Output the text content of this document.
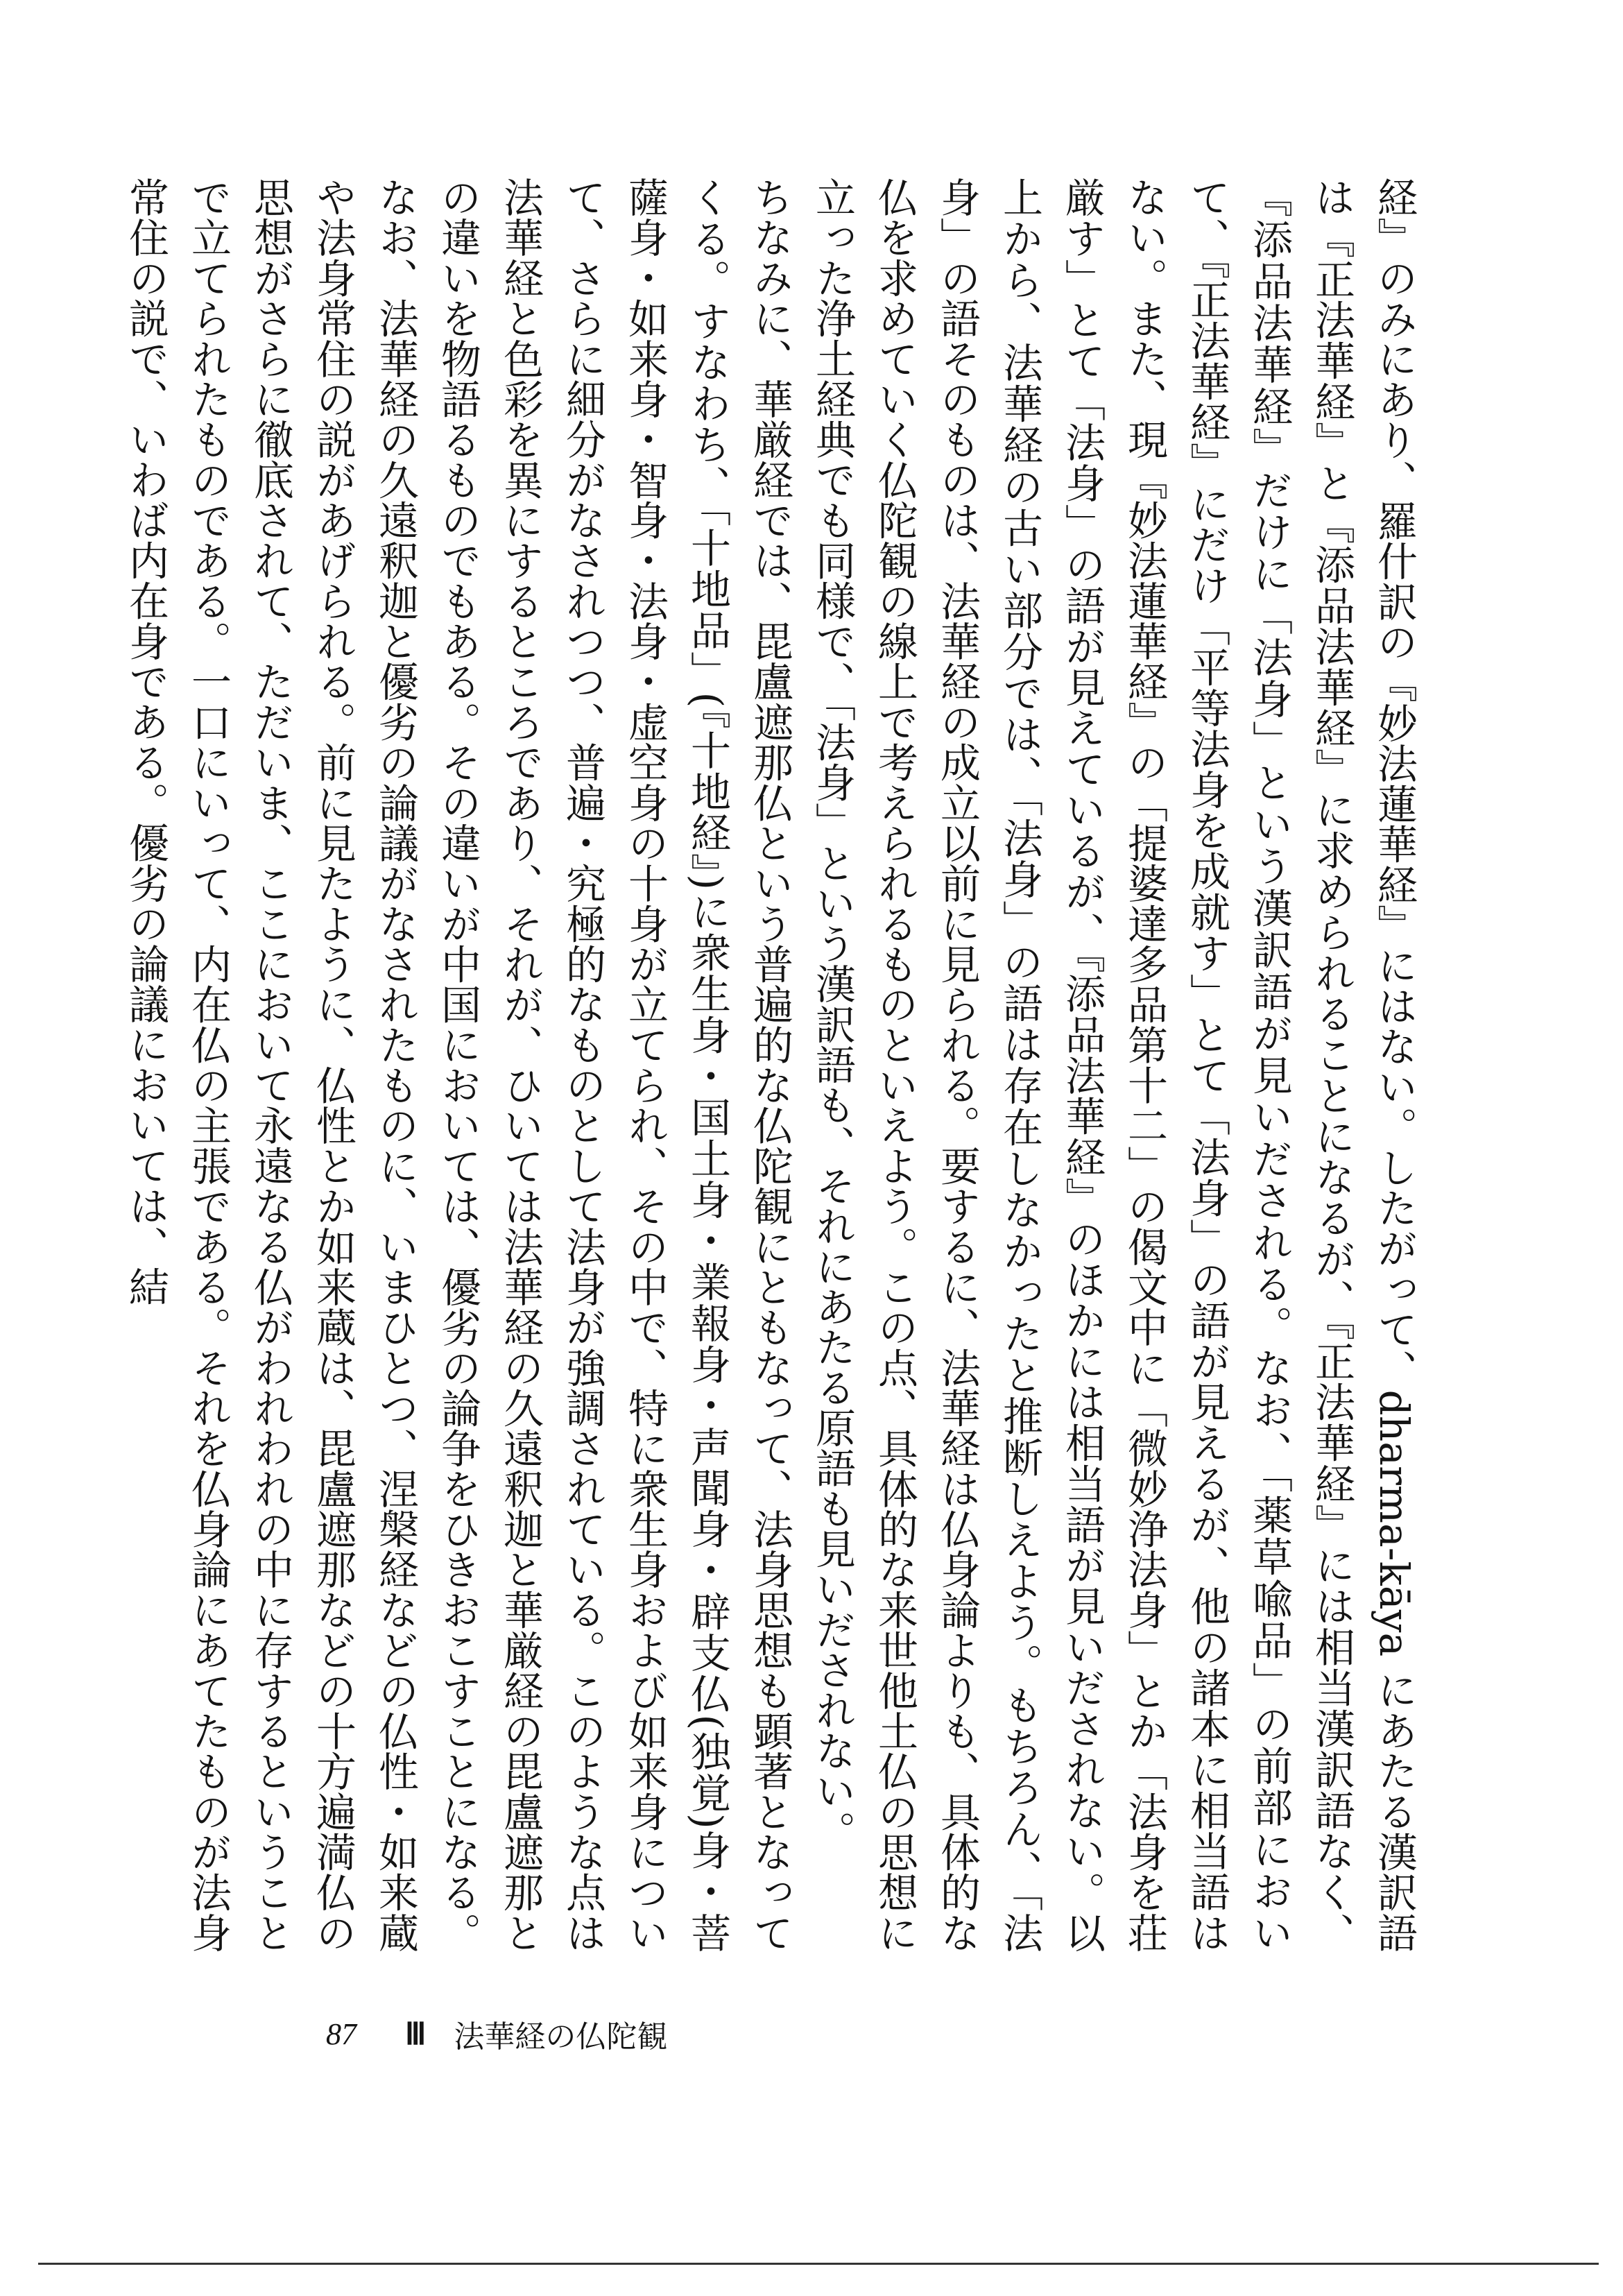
経』のみにあり、羅什訳の『妙法蓮華経』にはない。したがって、dharma-kāya にあたる漢訳語は『正法華経』と『添品法華経』に求められることになるが、『正法華経』には相当漢訳語なく、『添品法華経』だけに「法身」という漢訳語が見いだされる。なお、「薬草喩品」の前部において、『正法華経』にだけ「平等法身を成就す」とて「法身」の語が見えるが、他の諸本に相当語はない。また、現『妙法蓮華経』の「提婆達多品第十二」の偈文中に「微妙浄法身」とか「法身を荘厳す」とて「法身」の語が見えているが、『添品法華経』のほかには相当語が見いだされない。以上から、法華経の古い部分では、「法身」の語は存在しなかったと推断しえよう。もちろん、「法身」の語そのものは、法華経の成立以前に見られる。要するに、法華経は仏身論よりも、具体的な仏を求めていく仏陀観の線上で考えられるものといえよう。この点、具体的な来世他土仏の思想に立った浄土経典でも同様で、「法身」という漢訳語も、それにあたる原語も見いだされない。

ちなみに、華厳経では、毘盧遮那仏という普遍的な仏陀観にともなって、法身思想も顕著となってくる。すなわち、「十地品」(『十地経』)に衆生身・国土身・業報身・声聞身・辟支仏(独覚)身・菩薩身・如来身・智身・法身・虚空身の十身が立てられ、その中で、特に衆生身および如来身について、さらに細分がなされつつ、普遍・究極的なものとして法身が強調されている。このような点は法華経と色彩を異にするところであり、それが、ひいては法華経の久遠釈迦と華厳経の毘盧遮那との違いを物語るものでもある。その違いが中国においては、優劣の論争をひきおこすことになる。なお、法華経の久遠釈迦と優劣の論議がなされたものに、いまひとつ、涅槃経などの仏性・如来蔵や法身常住の説があげられる。前に見たように、仏性とか如来蔵は、毘盧遮那などの十方遍満仏の思想がさらに徹底されて、ただいま、ここにおいて永遠なる仏がわれわれの中に存するということで立てられたものである。一口にいって、内在仏の主張である。それを仏身論にあてたものが法身常住の説で、いわば内在身である。優劣の論議においては、結

87 Ⅲ 法華経の仏陀観
